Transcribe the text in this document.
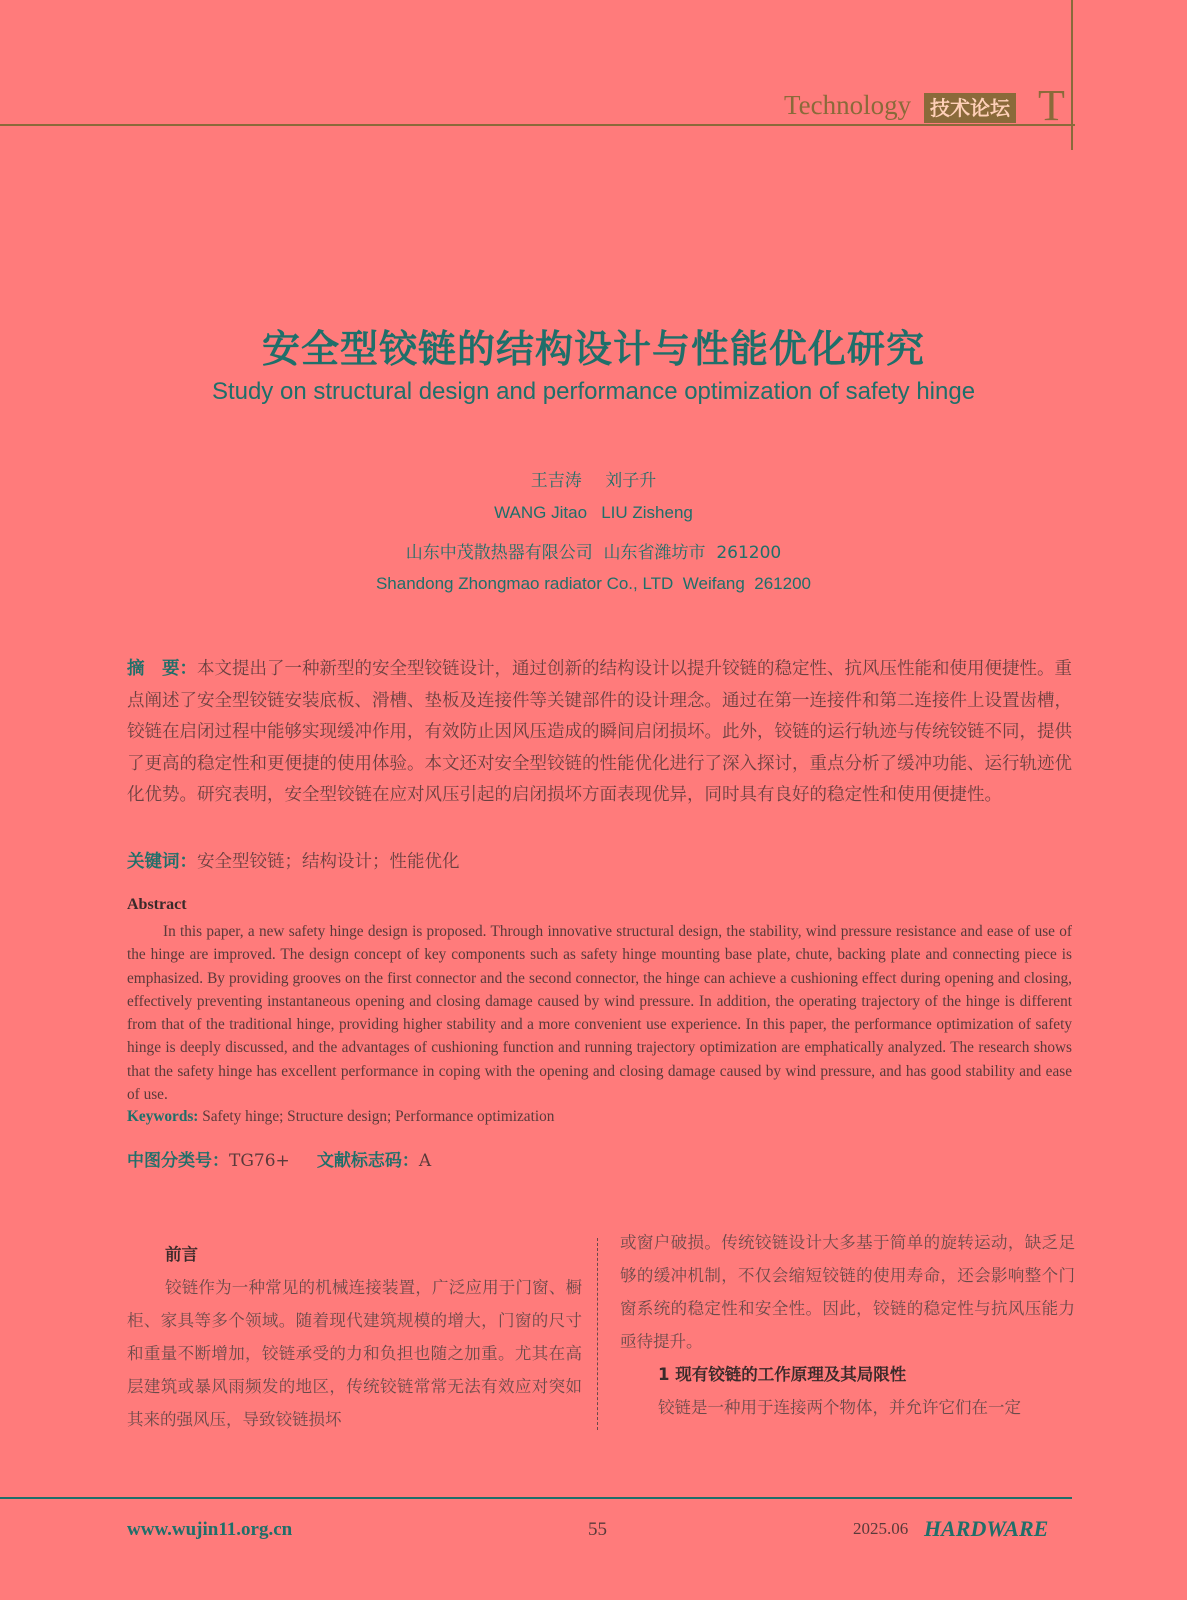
Technology 技术论坛 T
安全型铰链的结构设计与性能优化研究
Study on structural design and performance optimization of safety hinge
王吉涛 刘子升
WANG Jitao   LIU Zisheng
山东中茂散热器有限公司  山东省潍坊市  261200
Shandong Zhongmao radiator Co., LTD  Weifang  261200
摘　要：本文提出了一种新型的安全型铰链设计，通过创新的结构设计以提升铰链的稳定性、抗风压性能和使用便捷性。重点阐述了安全型铰链安装底板、滑槽、垫板及连接件等关键部件的设计理念。通过在第一连接件和第二连接件上设置齿槽，铰链在启闭过程中能够实现缓冲作用，有效防止因风压造成的瞬间启闭损坏。此外，铰链的运行轨迹与传统铰链不同，提供了更高的稳定性和更便捷的使用体验。本文还对安全型铰链的性能优化进行了深入探讨，重点分析了缓冲功能、运行轨迹优化优势。研究表明，安全型铰链在应对风压引起的启闭损坏方面表现优异，同时具有良好的稳定性和使用便捷性。
关键词：安全型铰链；结构设计；性能优化
Abstract
In this paper, a new safety hinge design is proposed. Through innovative structural design, the stability, wind pressure resistance and ease of use of the hinge are improved. The design concept of key components such as safety hinge mounting base plate, chute, backing plate and connecting piece is emphasized. By providing grooves on the first connector and the second connector, the hinge can achieve a cushioning effect during opening and closing, effectively preventing instantaneous opening and closing damage caused by wind pressure. In addition, the operating trajectory of the hinge is different from that of the traditional hinge, providing higher stability and a more convenient use experience. In this paper, the performance optimization of safety hinge is deeply discussed, and the advantages of cushioning function and running trajectory optimization are emphatically analyzed. The research shows that the safety hinge has excellent performance in coping with the opening and closing damage caused by wind pressure, and has good stability and ease of use.
Keywords: Safety hinge; Structure design; Performance optimization
中图分类号：TG76+ 文献标志码：A
前言
铰链作为一种常见的机械连接装置，广泛应用于门窗、橱柜、家具等多个领域。随着现代建筑规模的增大，门窗的尺寸和重量不断增加，铰链承受的力和负担也随之加重。尤其在高层建筑或暴风雨频发的地区，传统铰链常常无法有效应对突如其来的强风压，导致铰链损坏
或窗户破损。传统铰链设计大多基于简单的旋转运动，缺乏足够的缓冲机制，不仅会缩短铰链的使用寿命，还会影响整个门窗系统的稳定性和安全性。因此，铰链的稳定性与抗风压能力亟待提升。
1 现有铰链的工作原理及其局限性
铰链是一种用于连接两个物体，并允许它们在一定
www.wujin11.org.cn	55	2025.06 HARDWARE
